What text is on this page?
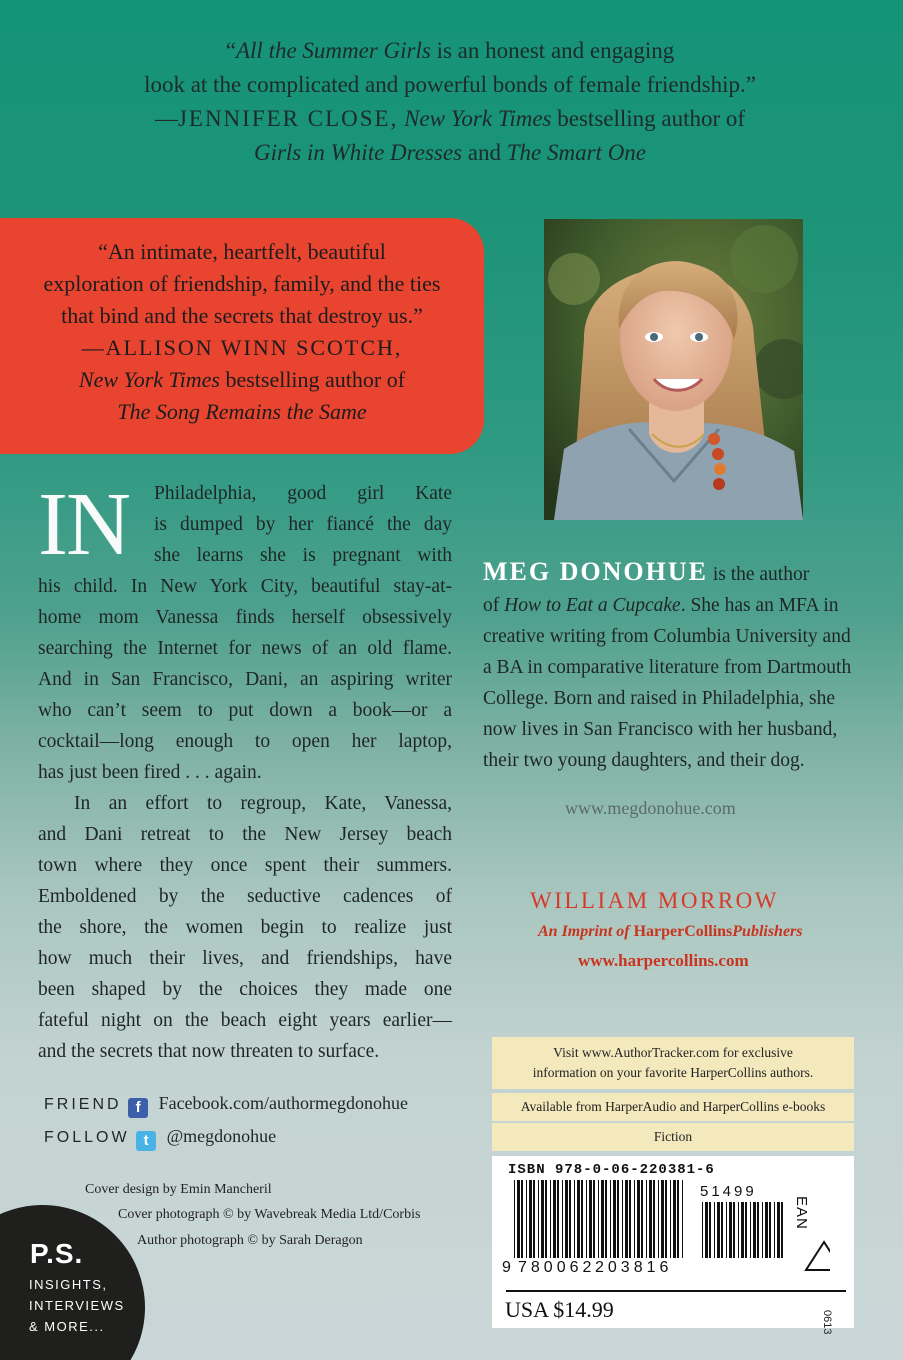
“All the Summer Girls is an honest and engaging
look at the complicated and powerful bonds of female friendship.”
—JENNIFER CLOSE, New York Times bestselling author of
Girls in White Dresses and The Smart One
“An intimate, heartfelt, beautiful
exploration of friendship, family, and the ties
that bind and the secrets that destroy us.”
—ALLISON WINN SCOTCH,
New York Times bestselling author of
The Song Remains the Same
IN	Philadelphia, good girl Kate
is dumped by her fiancé the day
she learns she is pregnant with
his child. In New York City, beautiful stay-at-
home mom Vanessa finds herself obsessively
searching the Internet for news of an old flame.
And in San Francisco, Dani, an aspiring writer
who can’t seem to put down a book—or a
cocktail—long enough to open her laptop,
has just been fired . . . again.
In an effort to regroup, Kate, Vanessa,
and Dani retreat to the New Jersey beach
town where they once spent their summers.
Emboldened by the seductive cadences of
the shore, the women begin to realize just
how much their lives, and friendships, have
been shaped by the choices they made one
fateful night on the beach eight years earlier—
and the secrets that now threaten to surface.
FRIEND f Facebook.com/authormegdonohue
FOLLOW t @megdonohue
Cover design by Emin Mancheril
Cover photograph © by Wavebreak Media Ltd/Corbis
Author photograph © by Sarah Deragon
P.S.
INSIGHTS,
INTERVIEWS
& MORE...
MEG DONOHUE is the author
of How to Eat a Cupcake. She has an MFA in
creative writing from Columbia University and
a BA in comparative literature from Dartmouth
College. Born and raised in Philadelphia, she
now lives in San Francisco with her husband,
their two young daughters, and their dog.
www.megdonohue.com
WILLIAM MORROW
An Imprint of HarperCollinsPublishers
www.harpercollins.com
Visit www.AuthorTracker.com for exclusive
information on your favorite HarperCollins authors.
Available from HarperAudio and HarperCollins e-books
Fiction
ISBN 978-0-06-220381-6
51499
9 780062 203816
EAN
USA $14.99
0613
